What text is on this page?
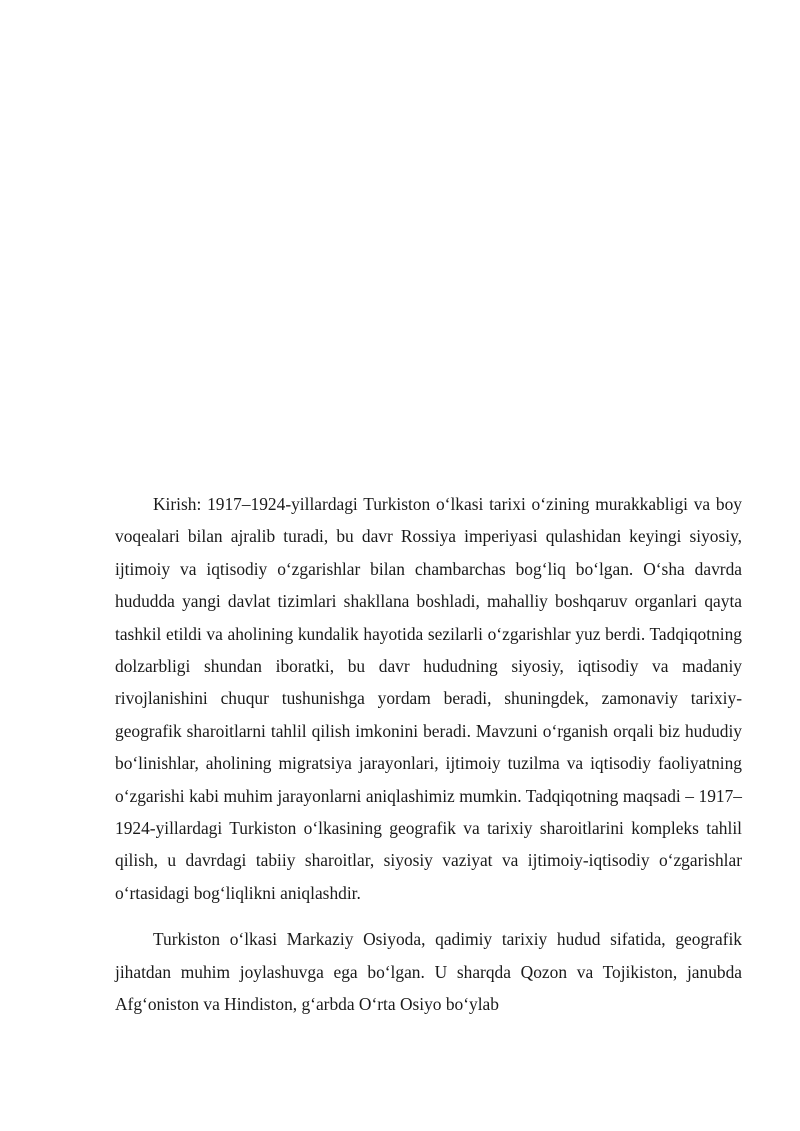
Kirish: 1917–1924-yillardagi Turkiston o‘lkasi tarixi o‘zining murakkabligi va boy voqealari bilan ajralib turadi, bu davr Rossiya imperiyasi qulashidan keyingi siyosiy, ijtimoiy va iqtisodiy o‘zgarishlar bilan chambarchas bog‘liq bo‘lgan. O‘sha davrda hududda yangi davlat tizimlari shakllana boshladi, mahalliy boshqaruv organlari qayta tashkil etildi va aholining kundalik hayotida sezilarli o‘zgarishlar yuz berdi. Tadqiqotning dolzarbligi shundan iboratki, bu davr hududning siyosiy, iqtisodiy va madaniy rivojlanishini chuqur tushunishga yordam beradi, shuningdek, zamonaviy tarixiy-geografik sharoitlarni tahlil qilish imkonini beradi. Mavzuni o‘rganish orqali biz hududiy bo‘linishlar, aholining migratsiya jarayonlari, ijtimoiy tuzilma va iqtisodiy faoliyatning o‘zgarishi kabi muhim jarayonlarni aniqlashimiz mumkin. Tadqiqotning maqsadi – 1917–1924-yillardagi Turkiston o‘lkasining geografik va tarixiy sharoitlarini kompleks tahlil qilish, u davrdagi tabiiy sharoitlar, siyosiy vaziyat va ijtimoiy-iqtisodiy o‘zgarishlar o‘rtasidagi bog‘liqlikni aniqlashdir.

Turkiston o‘lkasi Markaziy Osiyoda, qadimiy tarixiy hudud sifatida, geografik jihatdan muhim joylashuvga ega bo‘lgan. U sharqda Qozon va Tojikiston, janubda Afg‘oniston va Hindiston, g‘arbda O‘rta Osiyo bo‘ylab
